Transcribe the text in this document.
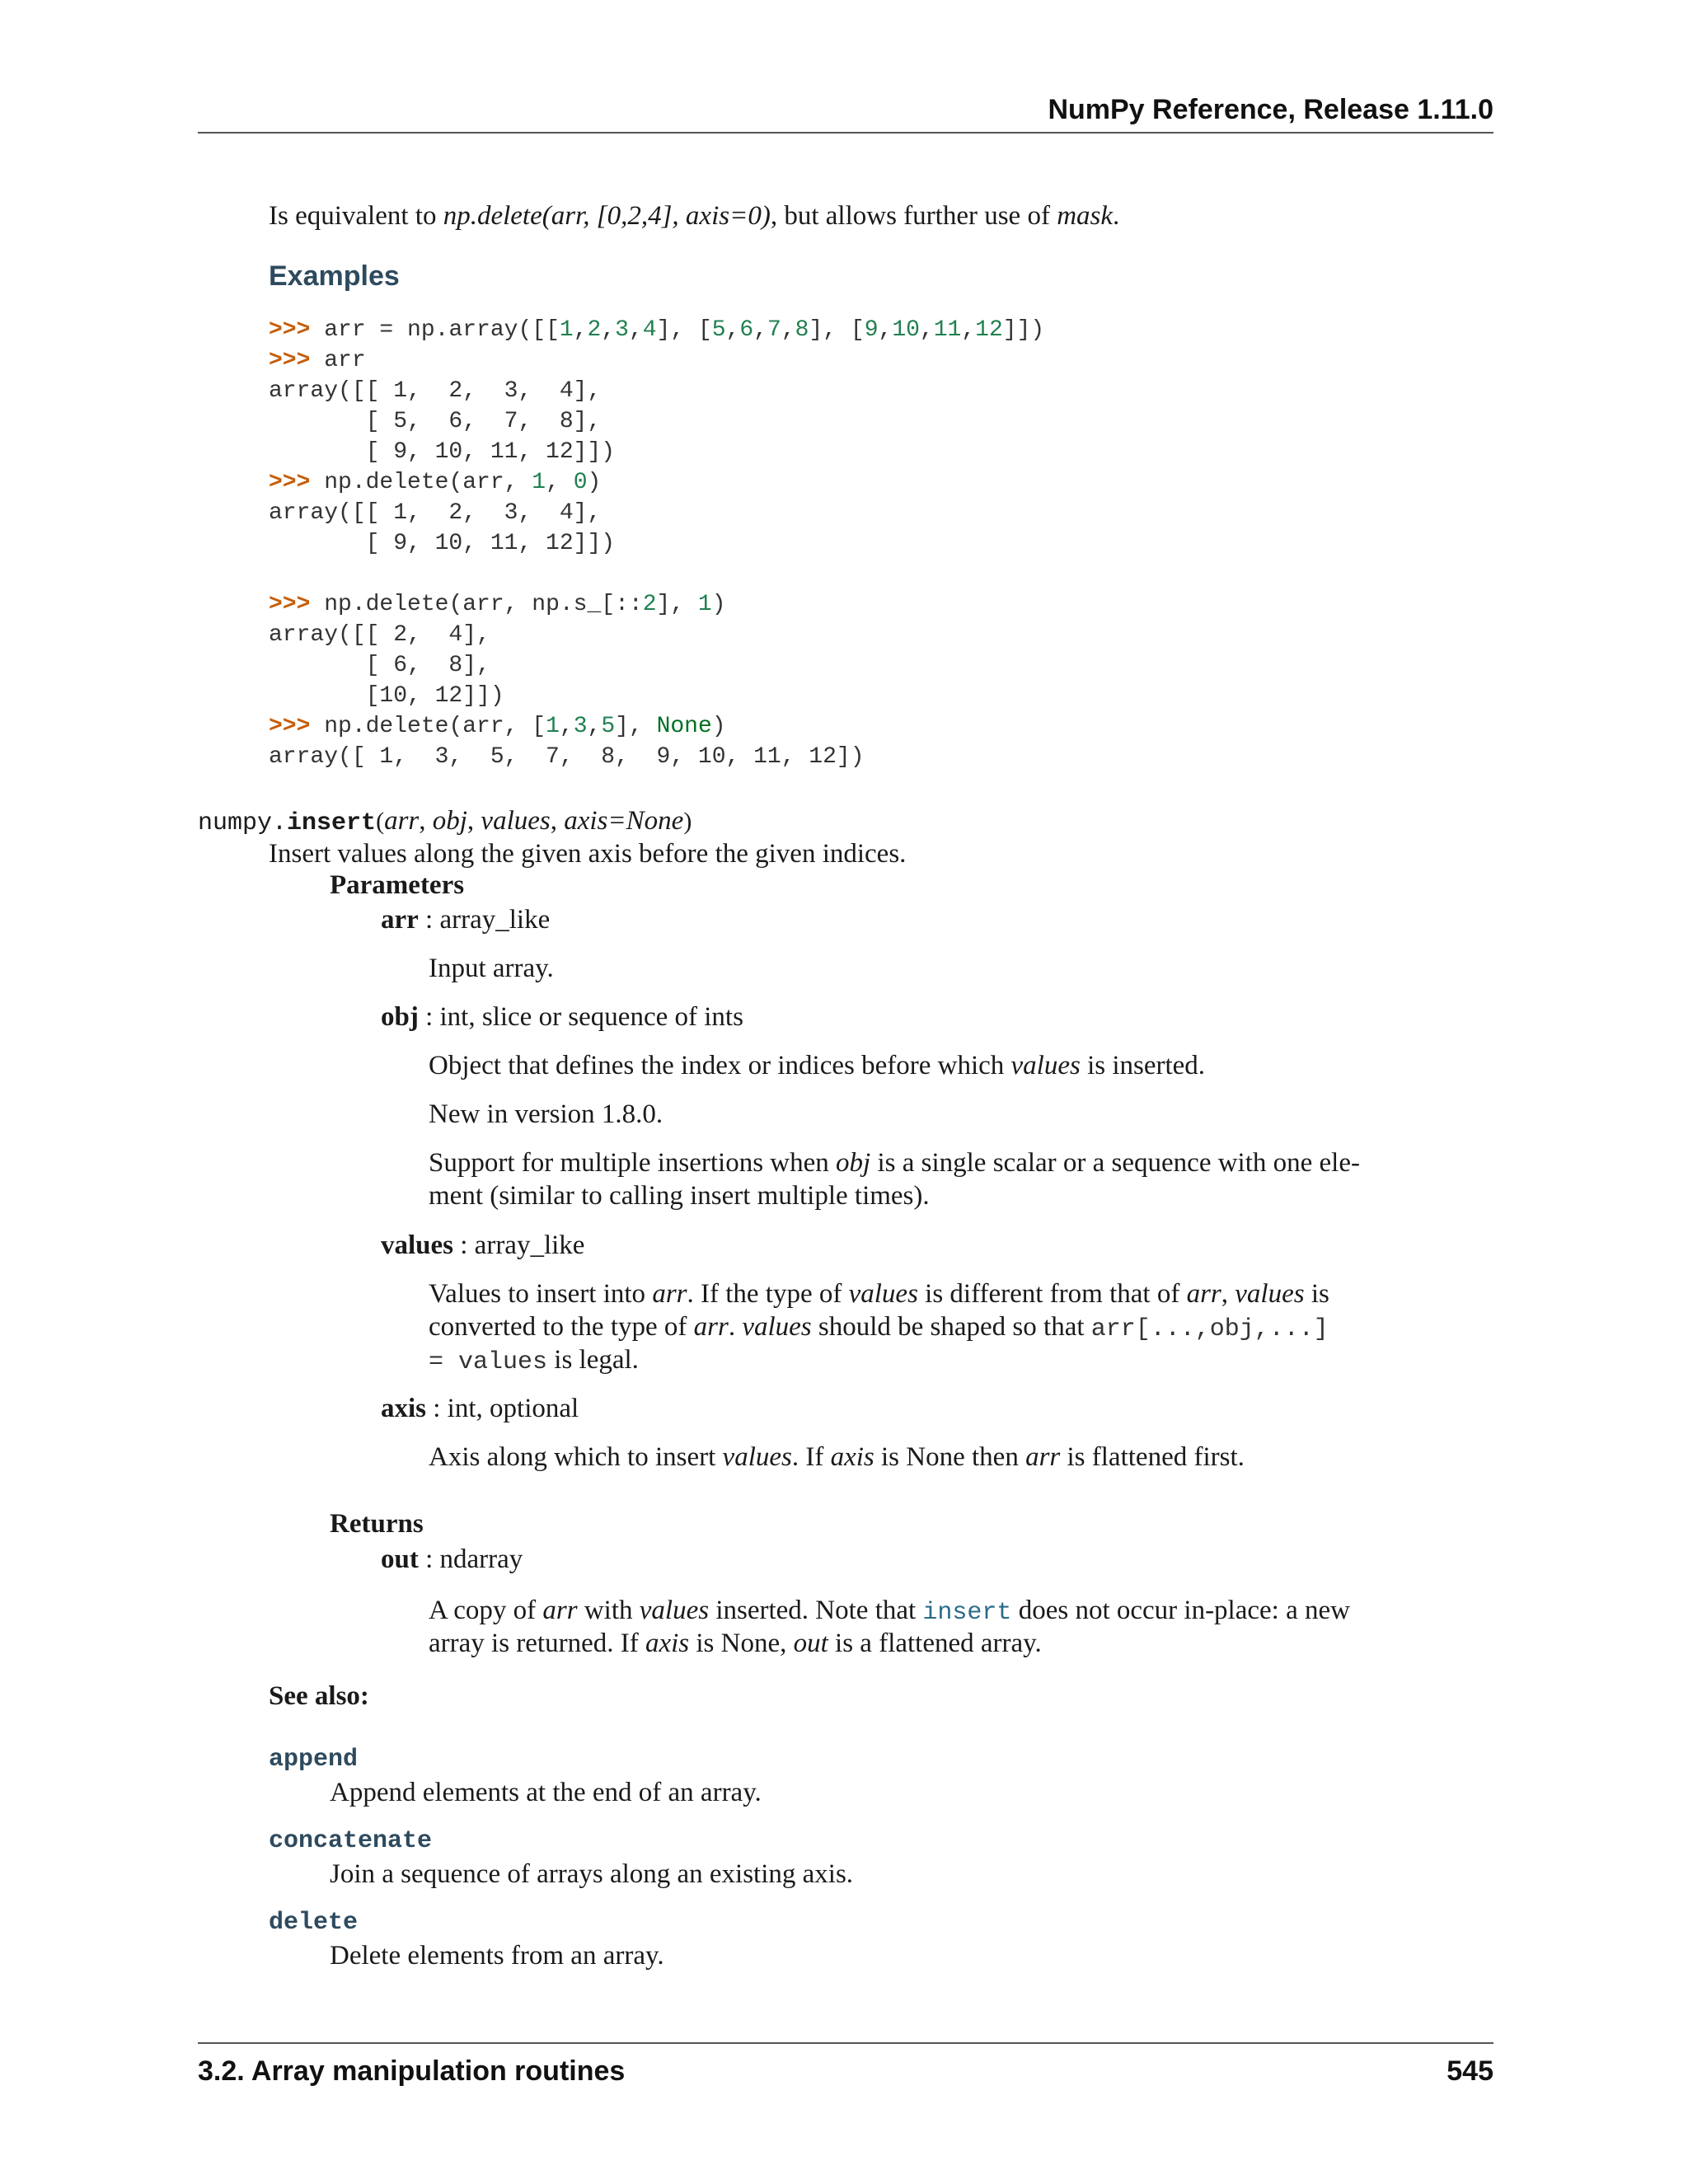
NumPy Reference, Release 1.11.0
Is equivalent to np.delete(arr, [0,2,4], axis=0), but allows further use of mask.
Examples
>>> arr = np.array([[1,2,3,4], [5,6,7,8], [9,10,11,12]])
>>> arr
array([[ 1,  2,  3,  4],
[ 5,  6,  7,  8],
[ 9, 10, 11, 12]])
>>> np.delete(arr, 1, 0)
array([[ 1,  2,  3,  4],
[ 9, 10, 11, 12]])
>>> np.delete(arr, np.s_[::2], 1)
array([[ 2,  4],
[ 6,  8],
[10, 12]])
>>> np.delete(arr, [1,3,5], None)
array([ 1,  3,  5,  7,  8,  9, 10, 11, 12])
numpy.insert(arr, obj, values, axis=None)
Insert values along the given axis before the given indices.
Parameters
arr : array_like
Input array.
obj : int, slice or sequence of ints
Object that defines the index or indices before which values is inserted.
New in version 1.8.0.
Support for multiple insertions when obj is a single scalar or a sequence with one ele-
ment (similar to calling insert multiple times).
values : array_like
Values to insert into arr. If the type of values is different from that of arr, values is
converted to the type of arr. values should be shaped so that arr[...,obj,...]
= values is legal.
axis : int, optional
Axis along which to insert values. If axis is None then arr is flattened first.
Returns
out : ndarray
A copy of arr with values inserted. Note that insert does not occur in-place: a new
array is returned. If axis is None, out is a flattened array.
See also:
append
Append elements at the end of an array.
concatenate
Join a sequence of arrays along an existing axis.
delete
Delete elements from an array.
3.2. Array manipulation routines	545
